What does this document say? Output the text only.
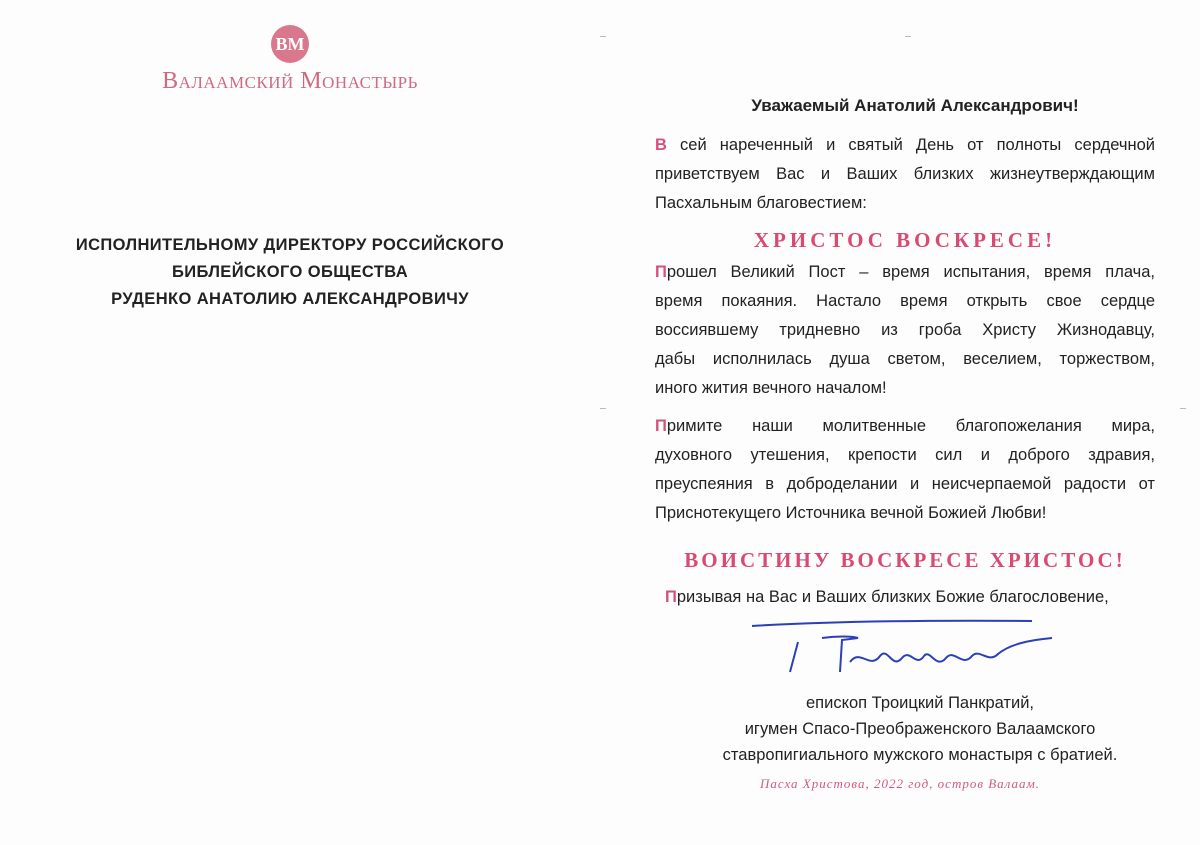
ВМ
Валаамский Монастырь
ИСПОЛНИТЕЛЬНОМУ ДИРЕКТОРУ РОССИЙСКОГО
БИБЛЕЙСКОГО ОБЩЕСТВА
РУДЕНКО АНАТОЛИЮ АЛЕКСАНДРОВИЧУ
Уважаемый Анатолий Александрович!
В сей нареченный и святый День от полноты сердечной
приветствуем Вас и Ваших близких жизнеутверждающим
Пасхальным благовестием:
ХРИСТОС ВОСКРЕСЕ!
Прошел Великий Пост – время испытания, время плача,
время покаяния. Настало время открыть свое сердце
воссиявшему тридневно из гроба Христу Жизнодавцу,
дабы исполнилась душа светом, веселием, торжеством,
иного жития вечного началом!
Примите наши молитвенные благопожелания мира,
духовного утешения, крепости сил и доброго здравия,
преуспеяния в добpоделании и неисчерпаемой радости от
Приснотекущего Источника вечной Божией Любви!
ВОИСТИНУ ВОСКРЕСЕ ХРИСТОС!
Призывая на Вас и Ваших близких Божие благословение,
епископ Троицкий Панкратий,
игумен Спасо-Преображенского Валаамского
ставропигиального мужского монастыря с братией.
Пасха Христова, 2022 год, остров Валаам.
